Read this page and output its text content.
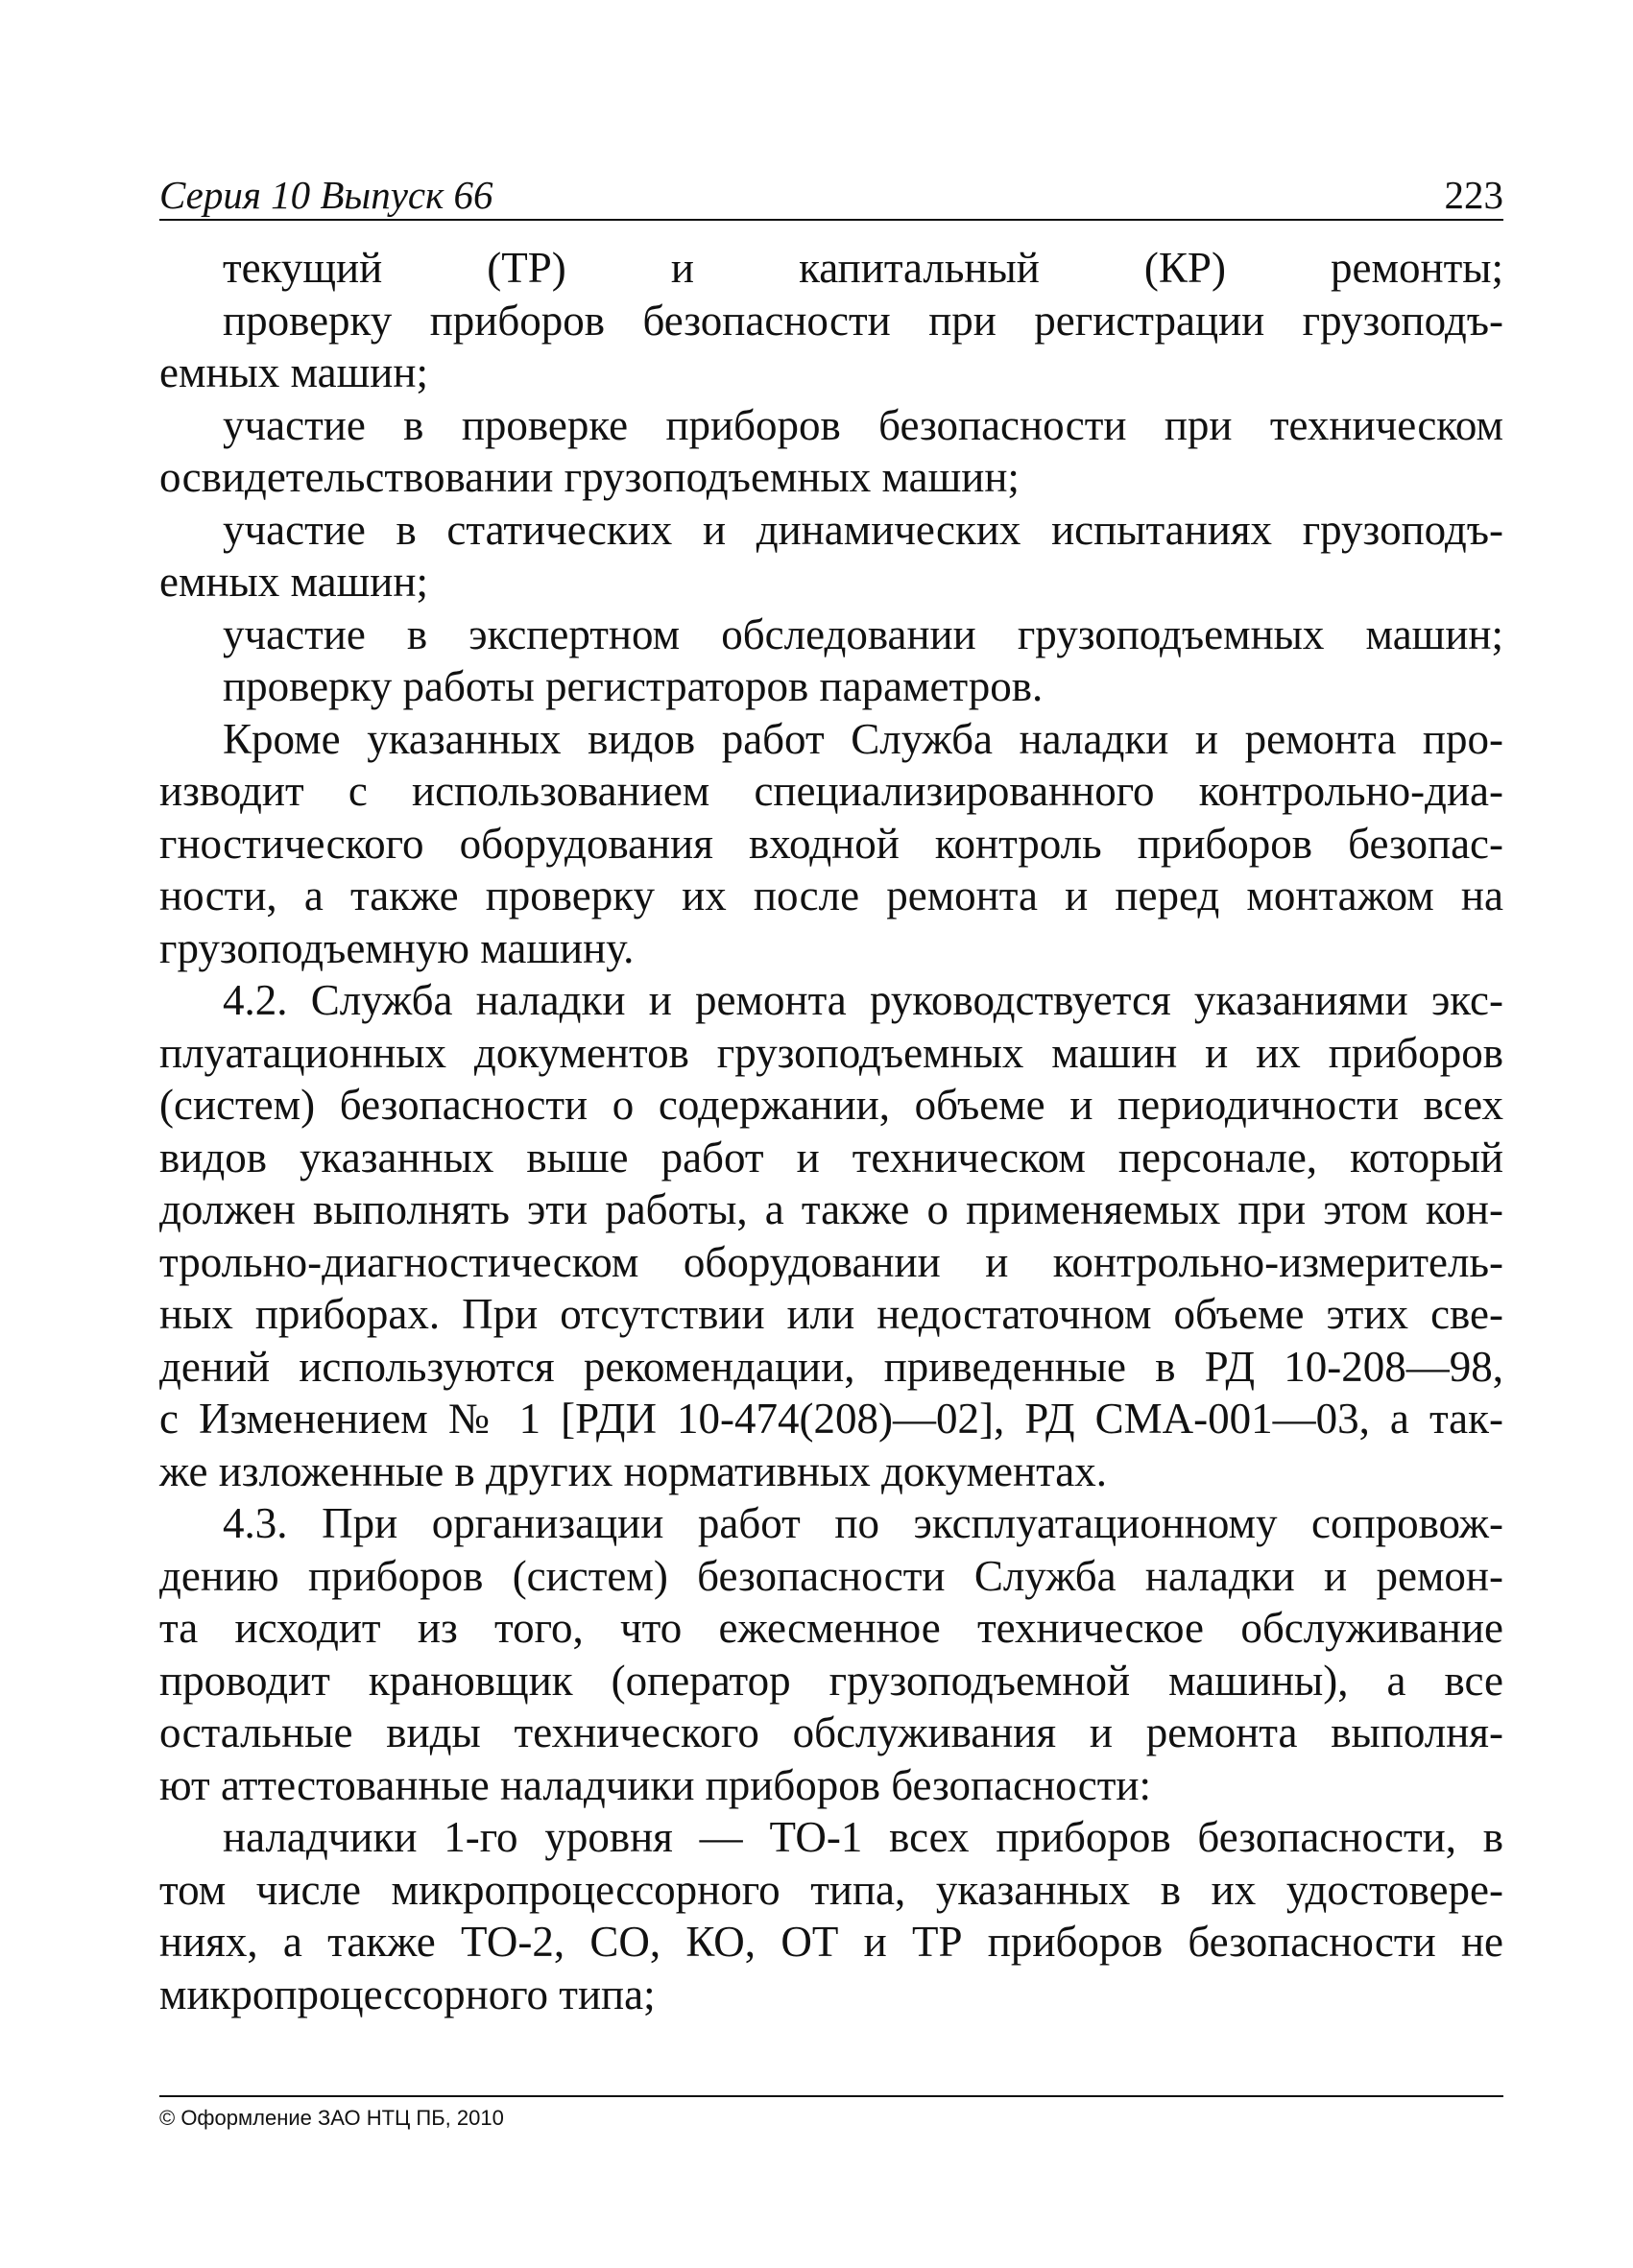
Серия 10 Выпуск 66	223
текущий (ТР) и капитальный (КР) ремонты;
проверку приборов безопасности при регистрации грузоподъ-
емных машин;
участие в проверке приборов безопасности при техническом
освидетельствовании грузоподъемных машин;
участие в статических и динамических испытаниях грузоподъ-
емных машин;
участие в экспертном обследовании грузоподъемных машин;
проверку работы регистраторов параметров.
Кроме указанных видов работ Служба наладки и ремонта про-
изводит с использованием специализированного контрольно-диа-
гностического оборудования входной контроль приборов безопас-
ности, а также проверку их после ремонта и перед монтажом на
грузоподъемную машину.
4.2. Служба наладки и ремонта руководствуется указаниями экс-
плуатационных документов грузоподъемных машин и их приборов
(систем) безопасности о содержании, объеме и периодичности всех
видов указанных выше работ и техническом персонале, который
должен выполнять эти работы, а также о применяемых при этом кон-
трольно-диагностическом оборудовании и контрольно-измеритель-
ных приборах. При отсутствии или недостаточном объеме этих све-
дений используются рекомендации, приведенные в РД 10-208—98,
с Изменением № 1 [РДИ 10-474(208)—02], РД СМА-001—03, а так-
же изложенные в других нормативных документах.
4.3. При организации работ по эксплуатационному сопровож-
дению приборов (систем) безопасности Служба наладки и ремон-
та исходит из того, что ежесменное техническое обслуживание
проводит крановщик (оператор грузоподъемной машины), а все
остальные виды технического обслуживания и ремонта выполня-
ют аттестованные наладчики приборов безопасности:
наладчики 1-го уровня — ТО-1 всех приборов безопасности, в
том числе микропроцессорного типа, указанных в их удостовере-
ниях, а также ТО-2, СО, КО, ОТ и ТР приборов безопасности не
микропроцессорного типа;
© Оформление ЗАО НТЦ ПБ, 2010
